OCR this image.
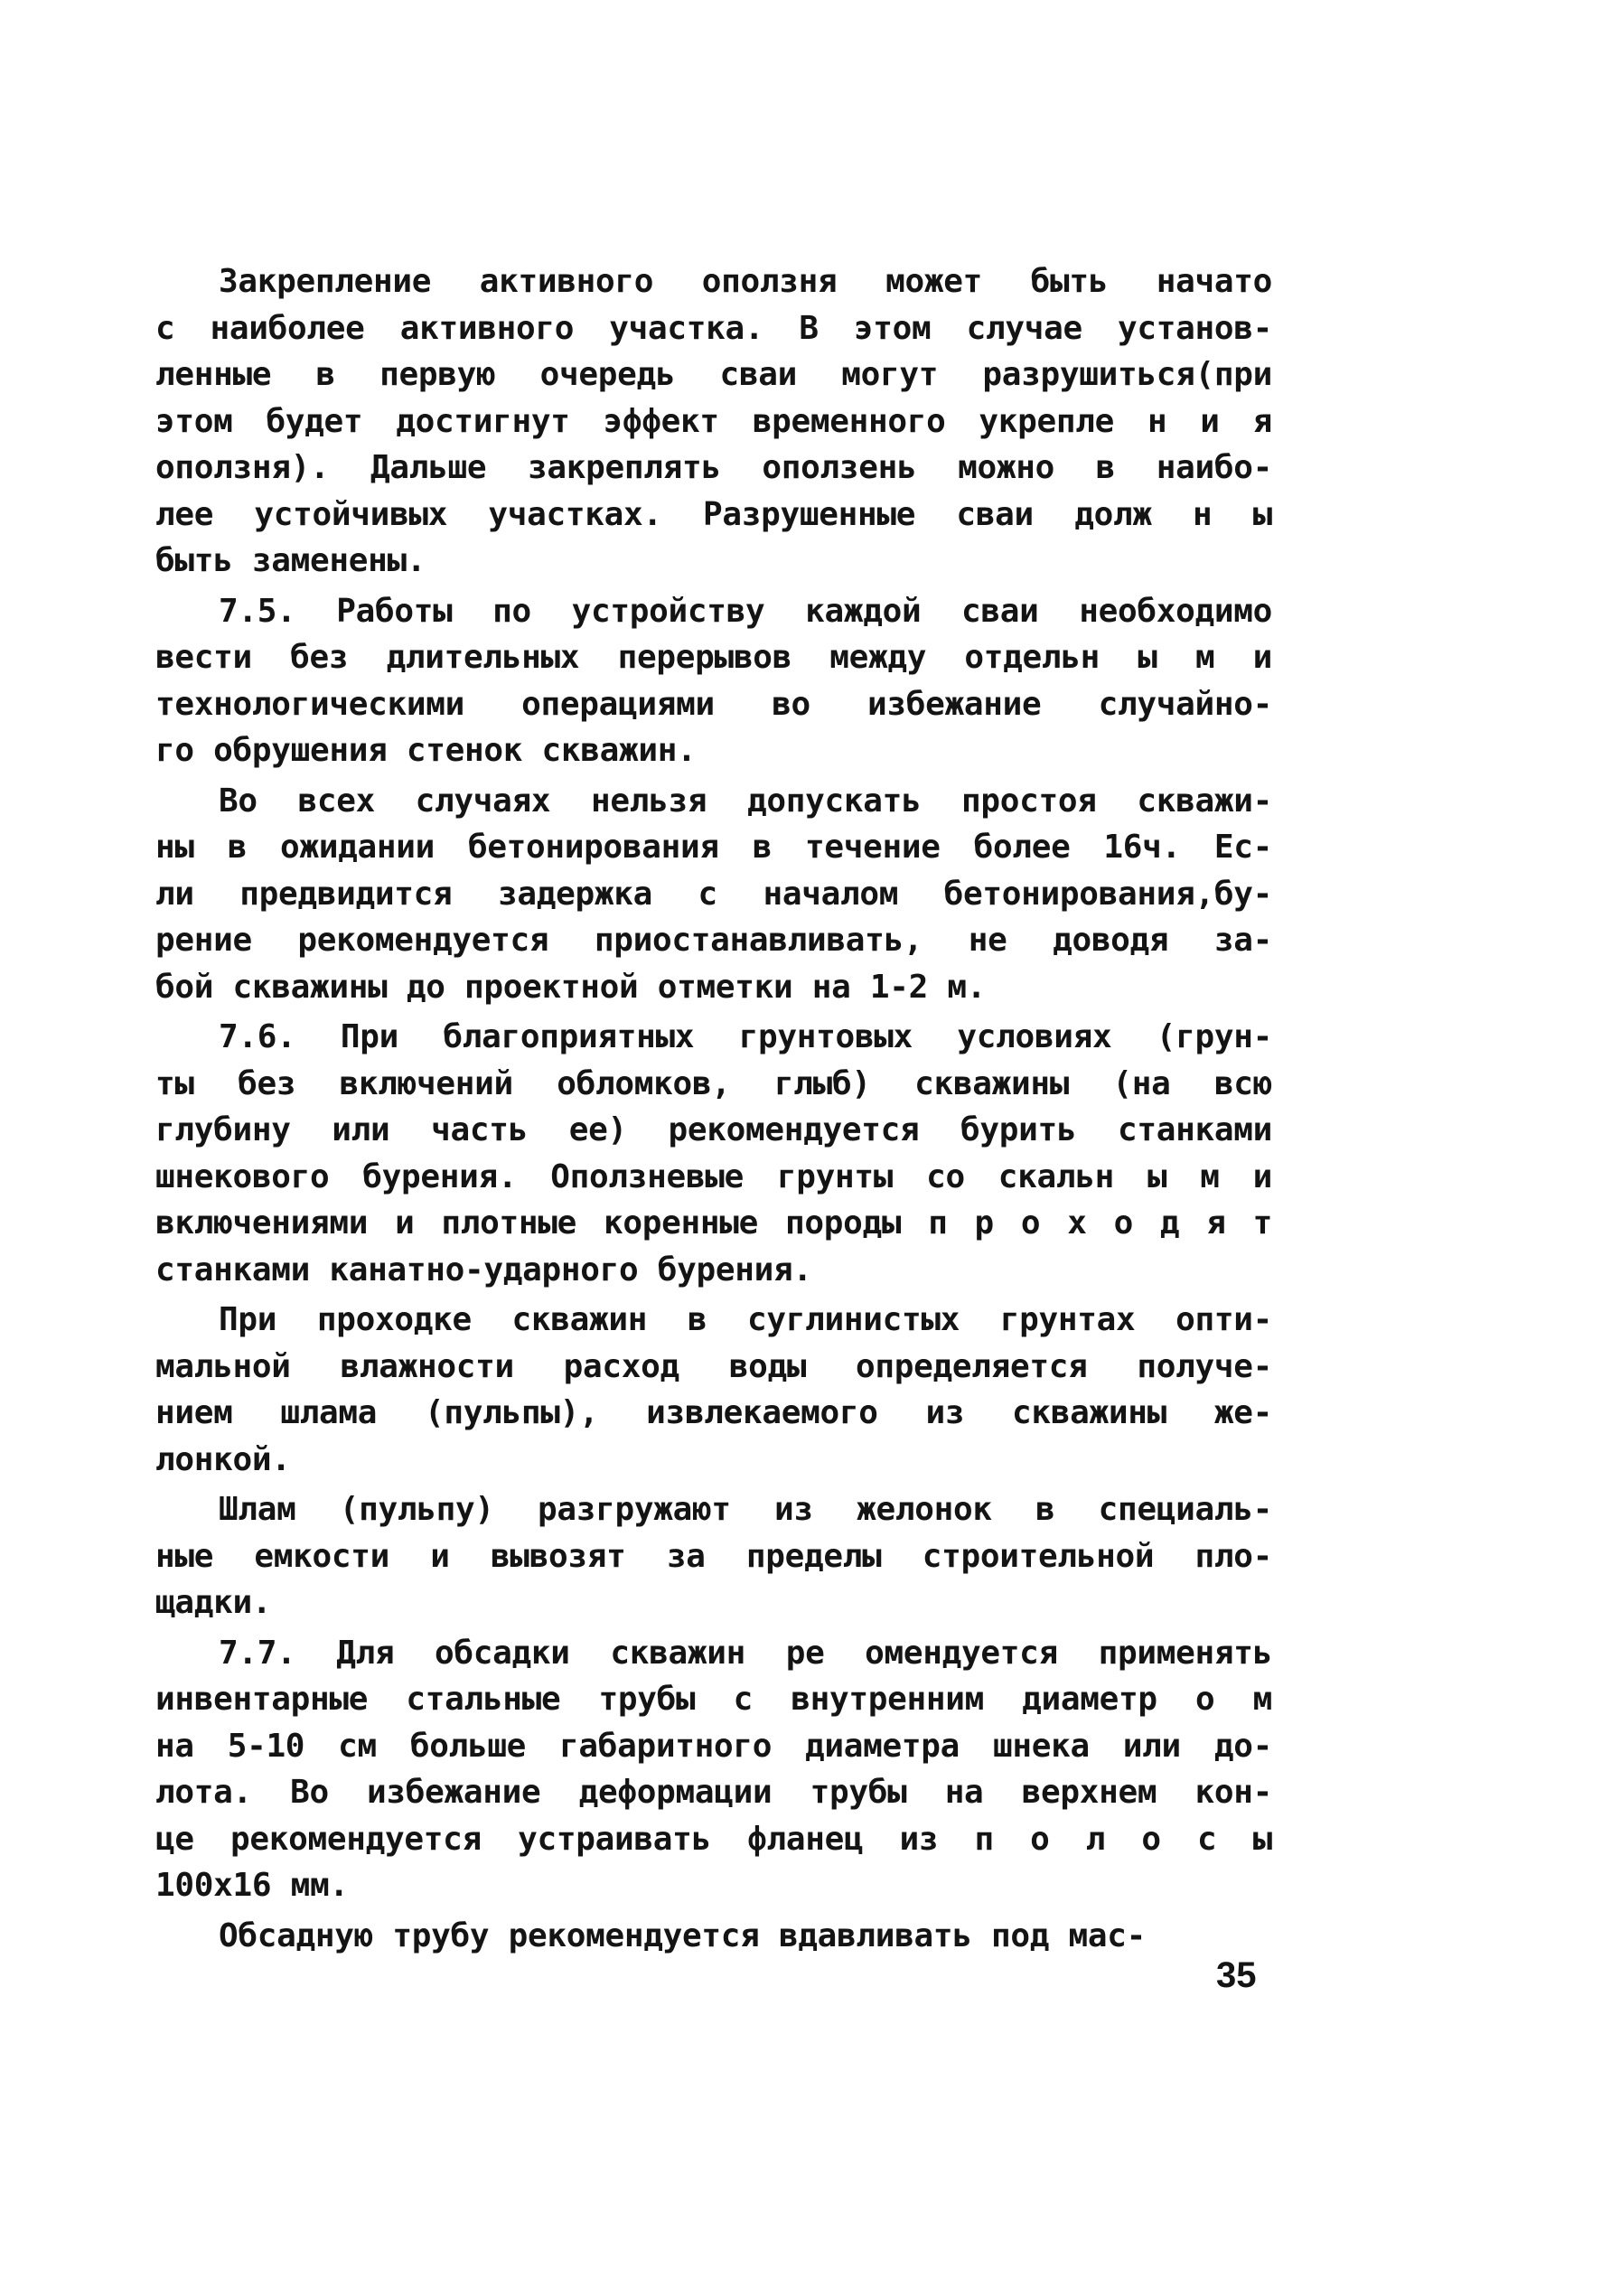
Закрепление активного оползня может быть начато
с наиболее активного участка. В этом случае установ-
ленные в первую очередь сваи могут разрушиться(при
этом будет достигнут эффект временного укрепле н и я
оползня). Дальше закреплять оползень можно в наибо-
лее устойчивых участках. Разрушенные сваи долж н ы
быть заменены.
7.5. Работы по устройству каждой сваи необходимо
вести без длительных перерывов между отдельн ы м и
технологическими операциями во избежание случайно-
го обрушения стенок скважин.
Во всех случаях нельзя допускать простоя скважи-
ны в ожидании бетонирования в течение более 16ч. Ес-
ли предвидится задержка с началом бетонирования,бу-
рение рекомендуется приостанавливать, не доводя за-
бой скважины до проектной отметки на 1-2 м.
7.6. При благоприятных грунтовых условиях (грун-
ты без включений обломков, глыб) скважины (на всю
глубину или часть ее) рекомендуется бурить станками
шнекового бурения. Оползневые грунты со скальн ы м и
включениями и плотные коренные породы п р о х о д я т
станками канатно-ударного бурения.
При проходке скважин в суглинистых грунтах опти-
мальной влажности расход воды определяется получе-
нием шлама (пульпы), извлекаемого из скважины же-
лонкой.
Шлам (пульпу) разгружают из желонок в специаль-
ные емкости и вывозят за пределы строительной пло-
щадки.
7.7. Для обсадки скважин ре омендуется применять
инвентарные стальные трубы с внутренним диаметр о м
на 5-10 см больше габаритного диаметра шнека или до-
лота. Во избежание деформации трубы на верхнем кон-
це рекомендуется устраивать фланец из п о л о с ы
100х16 мм.
Обсадную трубу рекомендуется вдавливать под мас-
35
